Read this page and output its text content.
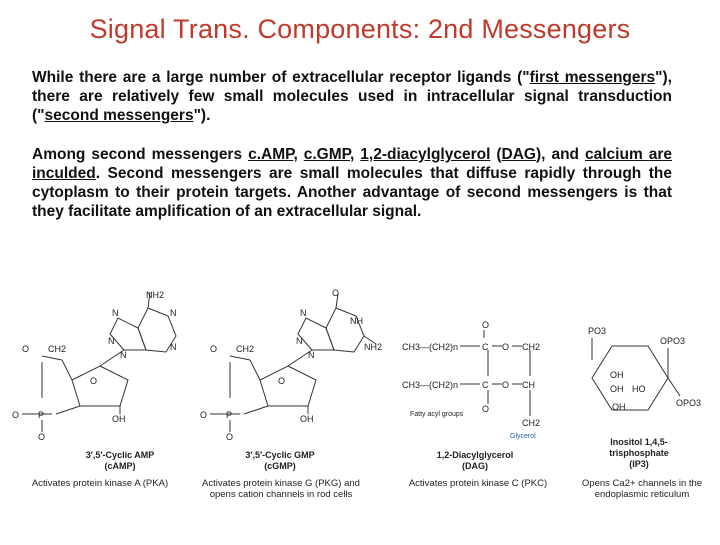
Signal Trans. Components: 2nd Messengers
While there are a large number of extracellular receptor ligands ("first messengers"), there are relatively few small molecules used in intracellular signal transduction ("second messengers").
Among second messengers c.AMP, c.GMP, 1,2-diacylglycerol (DAG), and calcium are inculded. Second messengers are small molecules that diffuse rapidly through the cytoplasm to their protein targets. Another advantage of second messengers is that they facilitate amplification of an extracellular signal.
NH2
N	N
N
N
N
O
O CH2
P
O
O
OH
O
NH
NH2
N
N
N
O
O CH2
P
O
O
OH
CH3—(CH2)n
CH3—(CH2)n
O
C
C
O
O
O
CH2
CH
CH2
Fatty acyl groups
Glycerol
PO3
OPO3
OPO3
OH
OH HO
OH
3′,5′-Cyclic AMP
(cAMP)
Activates protein kinase A (PKA)
3′,5′-Cyclic GMP
(cGMP)
Activates protein kinase G (PKG) and opens cation channels in rod cells
1,2-Diacylglycerol
(DAG)
Activates protein kinase C (PKC)
Inositol 1,4,5-trisphosphate
(IP3)
Opens Ca2+ channels in the endoplasmic reticulum
